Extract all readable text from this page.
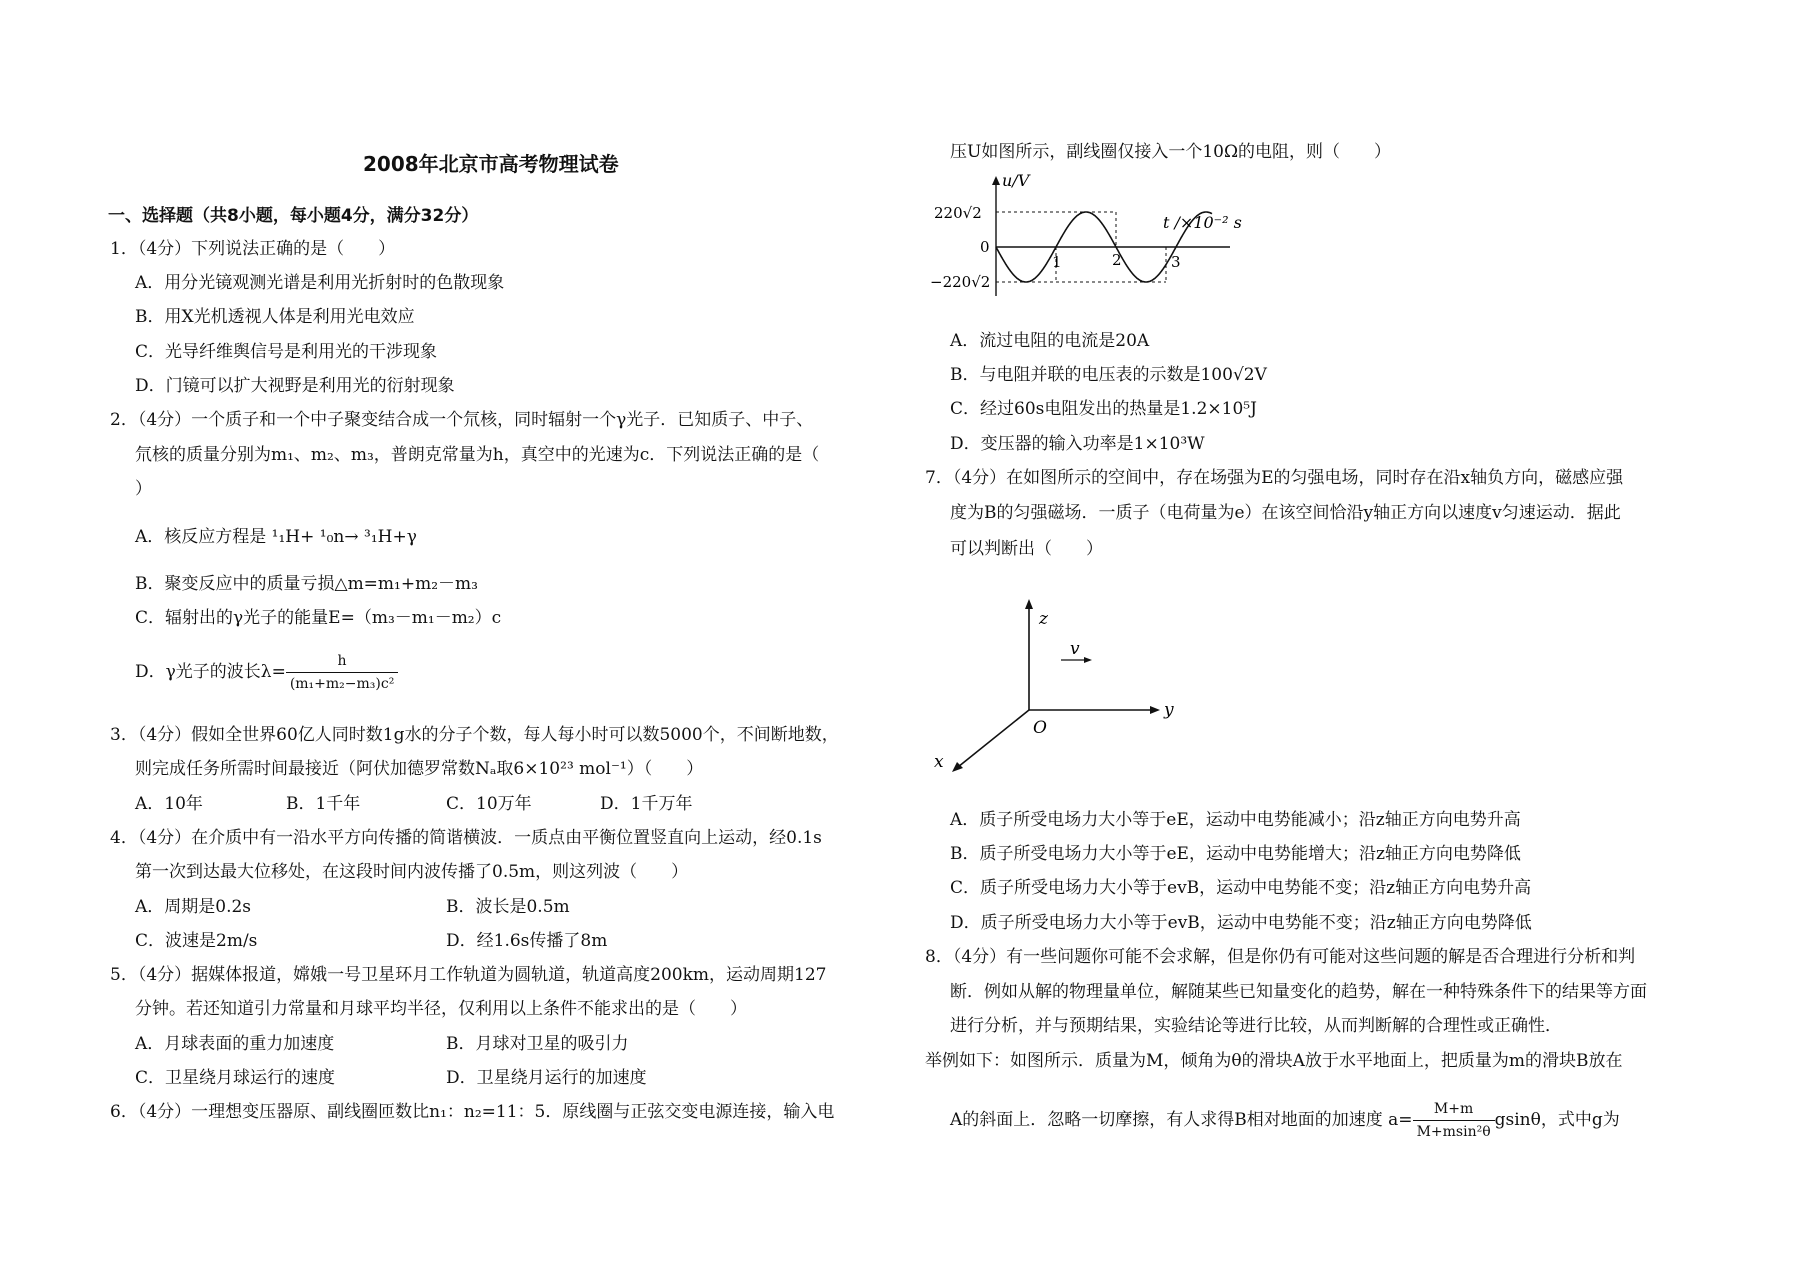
2008年北京市高考物理试卷
一、选择题（共8小题，每小题4分，满分32分）
1．（4分）下列说法正确的是（　　）
A．用分光镜观测光谱是利用光折射时的色散现象
B．用X光机透视人体是利用光电效应
C．光导纤维舆信号是利用光的干涉现象
D．门镜可以扩大视野是利用光的衍射现象
2．（4分）一个质子和一个中子聚变结合成一个氘核，同时辐射一个γ光子．已知质子、中子、
氘核的质量分别为m₁、m₂、m₃，普朗克常量为h，真空中的光速为c．下列说法正确的是（
）
A．核反应方程是 ¹₁H+ ¹₀n→ ³₁H+γ
B．聚变反应中的质量亏损△m=m₁+m₂－m₃
C．辐射出的γ光子的能量E=（m₃－m₁－m₂）c
D．γ光子的波长$\lambda= \frac{h}{\text{(m₁+m₂−m₃)c²}}$
3．（4分）假如全世界60亿人同时数1g水的分子个数，每人每小时可以数5000个，不间断地数，
则完成任务所需时间最接近（阿伏加德罗常数Nₐ取6×10²³ mol⁻¹）（　　）
A．10年	B．1千年	C．10万年	D．1千万年
4．（4分）在介质中有一沿水平方向传播的简谐横波．一质点由平衡位置竖直向上运动，经0.1s
第一次到达最大位移处，在这段时间内波传播了0.5m，则这列波（　　）
A．周期是0.2s	B．波长是0.5m
C．波速是2m/s	D．经1.6s传播了8m
5．（4分）据媒体报道，嫦娥一号卫星环月工作轨道为圆轨道，轨道高度200km，运动周期127
分钟。若还知道引力常量和月球平均半径，仅利用以上条件不能求出的是（　　）
A．月球表面的重力加速度	B．月球对卫星的吸引力
C．卫星绕月球运行的速度	D．卫星绕月运行的加速度
6．（4分）一理想变压器原、副线圈匝数比n₁：n₂=11：5．原线圈与正弦交变电源连接，输入电
压U如图所示，副线圈仅接入一个10Ω的电阻，则（　　）
u/V
220√2
0
−220√2
t /×10⁻² s
1	2	3
A．流过电阻的电流是20A
B．与电阻并联的电压表的示数是100√2V
C．经过60s电阻发出的热量是1.2×10⁵J
D．变压器的输入功率是1×10³W
7．（4分）在如图所示的空间中，存在场强为E的匀强电场，同时存在沿x轴负方向，磁感应强
度为B的匀强磁场．一质子（电荷量为e）在该空间恰沿y轴正方向以速度v匀速运动．据此
可以判断出（　　）
z
y
x
O
v
A．质子所受电场力大小等于eE，运动中电势能减小；沿z轴正方向电势升高
B．质子所受电场力大小等于eE，运动中电势能增大；沿z轴正方向电势降低
C．质子所受电场力大小等于evB，运动中电势能不变；沿z轴正方向电势升高
D．质子所受电场力大小等于evB，运动中电势能不变；沿z轴正方向电势降低
8．（4分）有一些问题你可能不会求解，但是你仍有可能对这些问题的解是否合理进行分析和判
断．例如从解的物理量单位，解随某些已知量变化的趋势，解在一种特殊条件下的结果等方面
进行分析，并与预期结果，实验结论等进行比较，从而判断解的合理性或正确性．
举例如下：如图所示．质量为M，倾角为θ的滑块A放于水平地面上，把质量为m的滑块B放在
A的斜面上．忽略一切摩擦，有人求得B相对地面的加速度 $a= \frac{M+m}{\text{M+msin²θ}}$ gsinθ，式中g为
